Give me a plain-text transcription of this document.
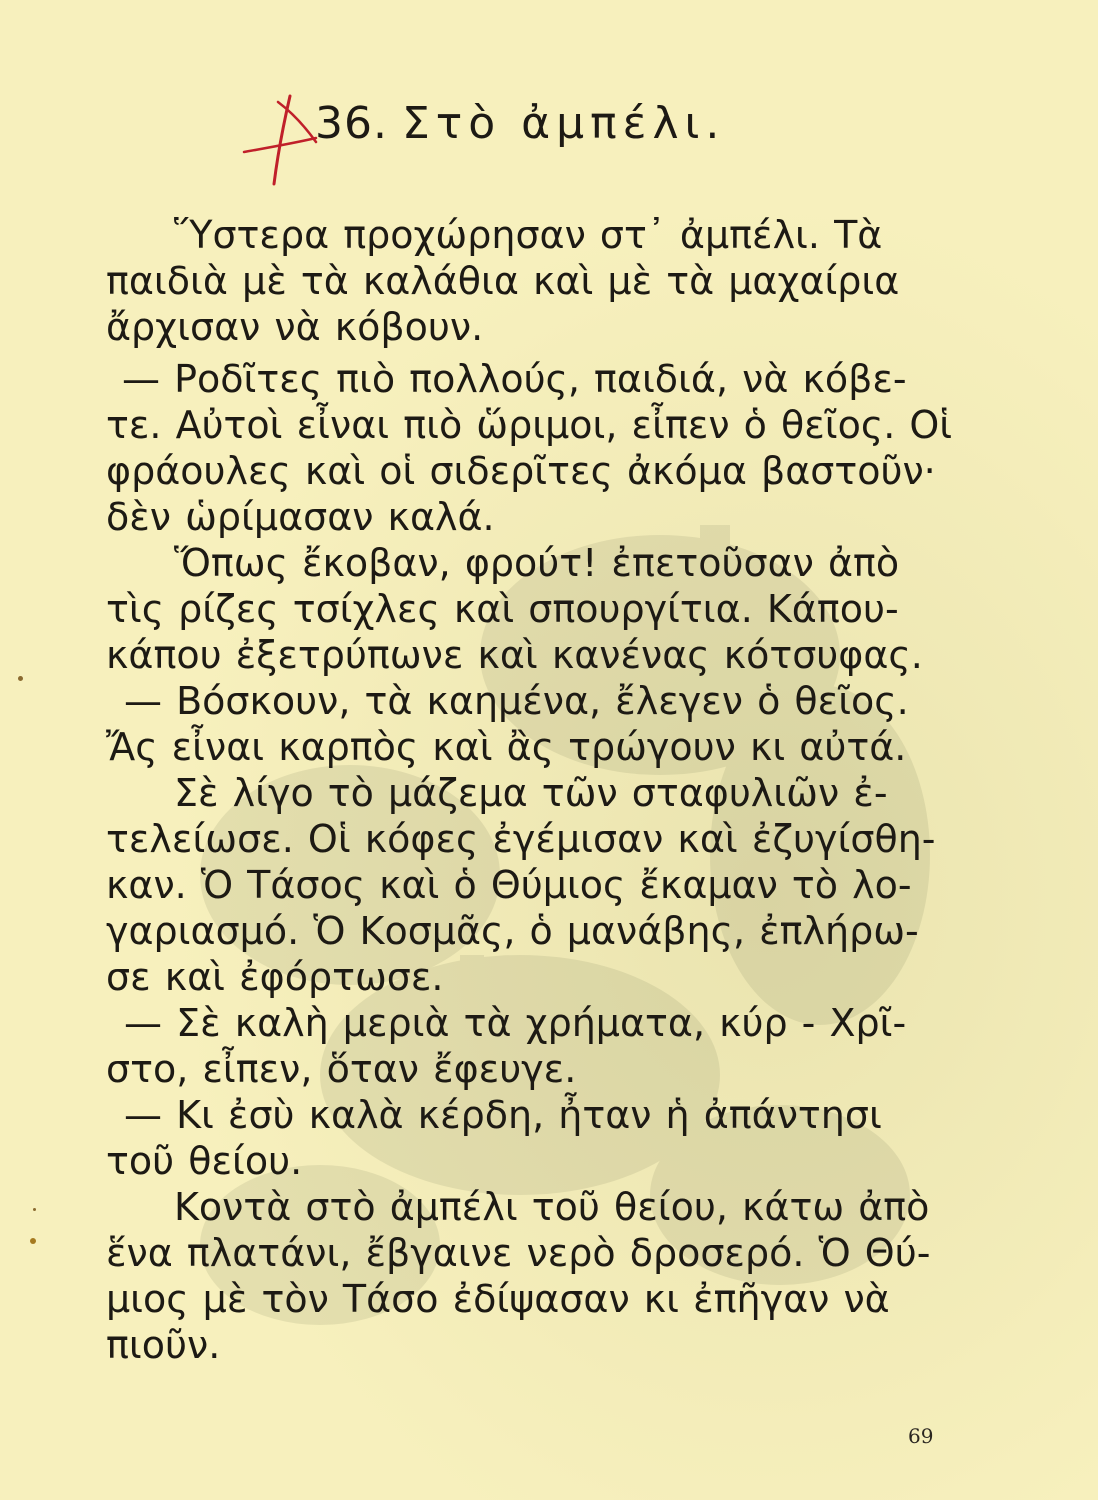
36. Στὸ ἀμπέλι.
Ὕστερα προχώρησαν στ᾽ ἀμπέλι. Τὰ
παιδιὰ μὲ τὰ καλάθια καὶ μὲ τὰ μαχαίρια
ἄρχισαν νὰ κόβουν.
— Ροδῖτες πιὸ πολλούς, παιδιά, νὰ κόβε-
τε. Αὐτοὶ εἶναι πιὸ ὥριμοι, εἶπεν ὁ θεῖος. Οἱ
φράουλες καὶ οἱ σιδερῖτες ἀκόμα βαστοῦν·
δὲν ὡρίμασαν καλά.
Ὅπως ἔκοβαν, φρούτ! ἐπετοῦσαν ἀπὸ
τὶς ρίζες τσίχλες καὶ σπουργίτια. Κάπου-
κάπου ἐξετρύπωνε καὶ κανένας κότσυφας.
— Βόσκουν, τὰ καημένα, ἔλεγεν ὁ θεῖος.
Ἄς εἶναι καρπὸς καὶ ἂς τρώγουν κι αὐτά.
Σὲ λίγο τὸ μάζεμα τῶν σταφυλιῶν ἐ-
τελείωσε. Οἱ κόφες ἐγέμισαν καὶ ἐζυγίσθη-
καν. Ὁ Τάσος καὶ ὁ Θύμιος ἔκαμαν τὸ λο-
γαριασμό. Ὁ Κοσμᾶς, ὁ μανάβης, ἐπλήρω-
σε καὶ ἐφόρτωσε.
— Σὲ καλὴ μεριὰ τὰ χρήματα, κύρ - Χρῖ-
στο, εἶπεν, ὅταν ἔφευγε.
— Κι ἐσὺ καλὰ κέρδη, ἦταν ἡ ἀπάντησι
τοῦ θείου.
Κοντὰ στὸ ἀμπέλι τοῦ θείου, κάτω ἀπὸ
ἕνα πλατάνι, ἔβγαινε νερὸ δροσερό. Ὁ Θύ-
μιος μὲ τὸν Τάσο ἐδίψασαν κι ἐπῆγαν νὰ
πιοῦν.
69
